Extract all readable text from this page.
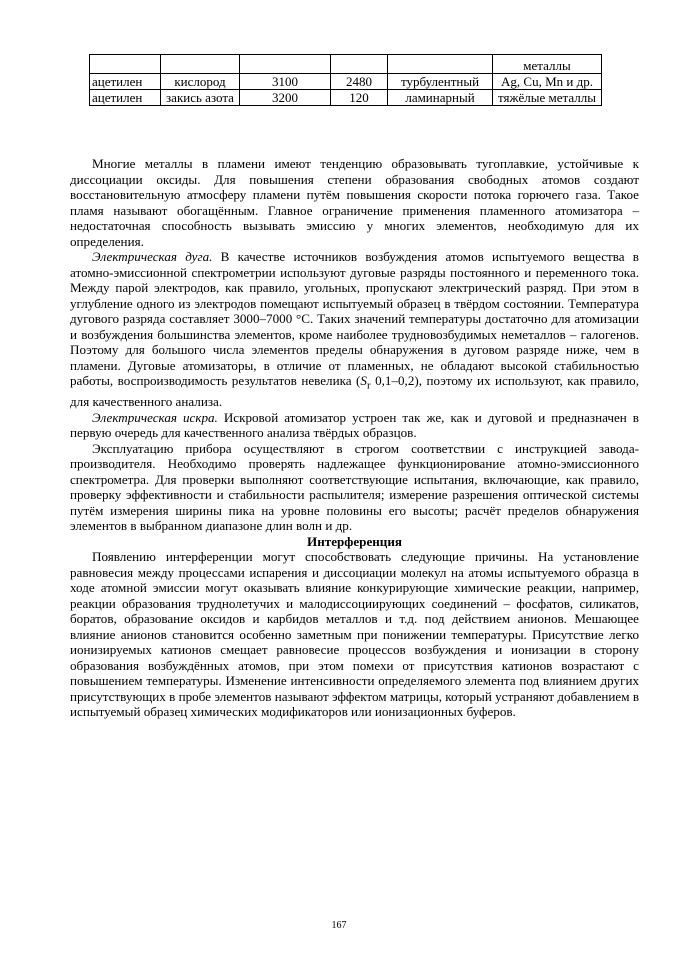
					металлы
ацетилен	кислород	3100	2480	турбулентный	Ag, Cu, Mn и др.
ацетилен	закись азота	3200	120	ламинарный	тяжёлые металлы

Многие металлы в пламени имеют тенденцию образовывать тугоплавкие, устойчивые к диссоциации оксиды. Для повышения степени образования свободных атомов создают восстановительную атмосферу пламени путём повышения скорости потока горючего газа. Такое пламя называют обогащённым. Главное ограничение применения пламенного атомизатора – недостаточная способность вызывать эмиссию у многих элементов, необходимую для их определения.

Электрическая дуга. В качестве источников возбуждения атомов испытуемого вещества в атомно-эмиссионной спектрометрии используют дуговые разряды постоянного и переменного тока. Между парой электродов, как правило, угольных, пропускают электрический разряд. При этом в углубление одного из электродов помещают испытуемый образец в твёрдом состоянии. Температура дугового разряда составляет 3000–7000 °С. Таких значений температуры достаточно для атомизации и возбуждения большинства элементов, кроме наиболее трудновозбудимых неметаллов – галогенов. Поэтому для большого числа элементов пределы обнаружения в дуговом разряде ниже, чем в пламени. Дуговые атомизаторы, в отличие от пламенных, не обладают высокой стабильностью работы, воспроизводимость результатов невелика ($S_r$ 0,1–0,2), поэтому их используют, как правило, для качественного анализа.

Электрическая искра. Искровой атомизатор устроен так же, как и дуговой и предназначен в первую очередь для качественного анализа твёрдых образцов.

Эксплуатацию прибора осуществляют в строгом соответствии с инструкцией завода-производителя. Необходимо проверять надлежащее функционирование атомно-эмиссионного спектрометра. Для проверки выполняют соответствующие испытания, включающие, как правило, проверку эффективности и стабильности распылителя; измерение разрешения оптической системы путём измерения ширины пика на уровне половины его высоты; расчёт пределов обнаружения элементов в выбранном диапазоне длин волн и др.

Интерференция

Появлению интерференции могут способствовать следующие причины. На установление равновесия между процессами испарения и диссоциации молекул на атомы испытуемого образца в ходе атомной эмиссии могут оказывать влияние конкурирующие химические реакции, например, реакции образования труднолетучих и малодиссоциирующих соединений – фосфатов, силикатов, боратов, образование оксидов и карбидов металлов и т.д. под действием анионов. Мешающее влияние анионов становится особенно заметным при понижении температуры. Присутствие легко ионизируемых катионов смещает равновесие процессов возбуждения и ионизации в сторону образования возбуждённых атомов, при этом помехи от присутствия катионов возрастают с повышением температуры. Изменение интенсивности определяемого элемента под влиянием других присутствующих в пробе элементов называют эффектом матрицы, который устраняют добавлением в испытуемый образец химических модификаторов или ионизационных буферов.

167
